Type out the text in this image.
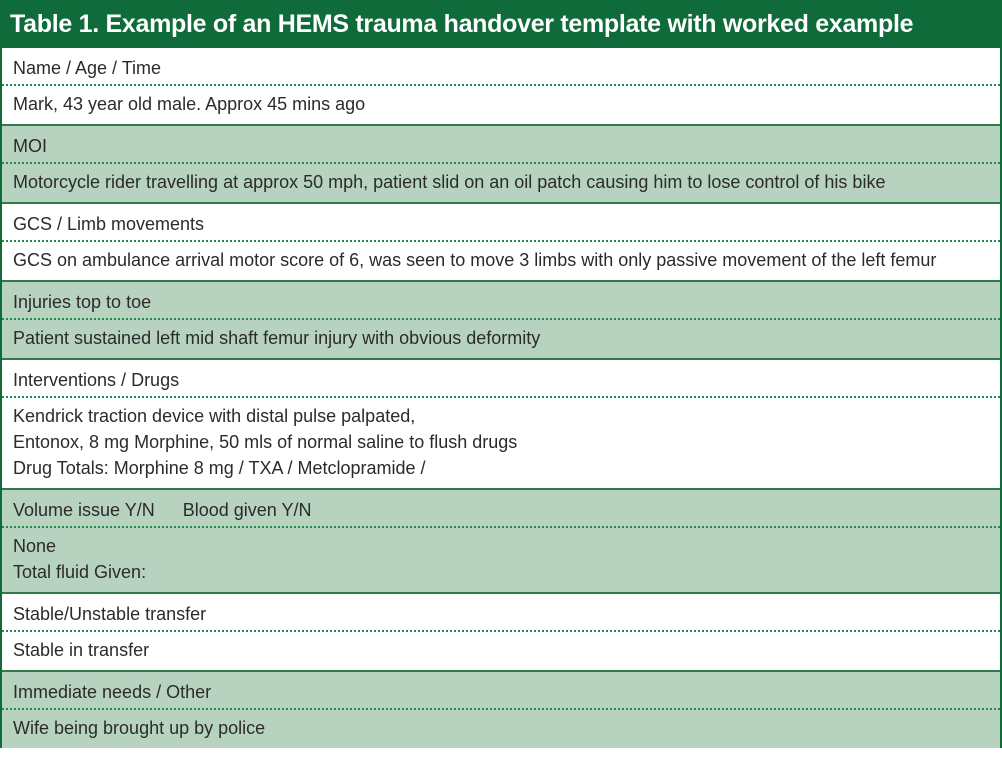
Table 1. Example of an HEMS trauma handover template with worked example
Name / Age / Time
Mark, 43 year old male. Approx 45 mins ago
MOI
Motorcycle rider travelling at approx 50 mph, patient slid on an oil patch causing him to lose control of his bike
GCS / Limb movements
GCS on ambulance arrival motor score of 6, was seen to move 3 limbs with only passive movement of the left femur
Injuries top to toe
Patient sustained left mid shaft femur injury with obvious deformity
Interventions / Drugs
Kendrick traction device with distal pulse palpated,
Entonox, 8 mg Morphine, 50 mls of normal saline to flush drugs
Drug Totals: Morphine 8 mg / TXA / Metclopramide /
Volume issue Y/N Blood given Y/N
None
Total fluid Given:
Stable/Unstable transfer
Stable in transfer
Immediate needs / Other
Wife being brought up by police
